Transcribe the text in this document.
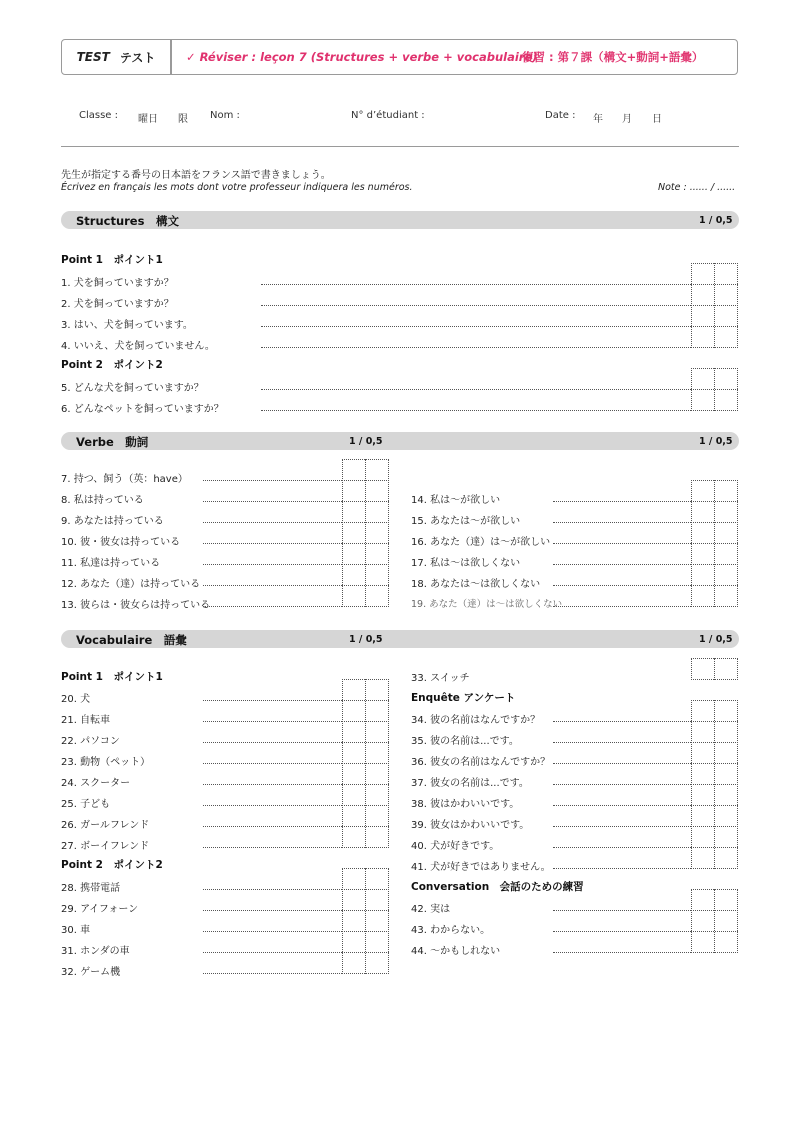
TEST テスト	✓ Réviser : leçon 7 (Structures + verbe + vocabulaire)
復習 : 第７課（構文+動詞+語彙）
Classe : 曜日 限 Nom :	N° d’étudiant :	Date : 年 月 日
先生が指定する番号の日本語をフランス語で書きましょう。
Écrivez en français les mots dont votre professeur indiquera les numéros.	Note : ...... / ......
Structures　構文	1 / 0,5
Point 1　ポイント1
1. 犬を飼っていますか？
2. 犬を飼っていますか？
3. はい、犬を飼っています。
4. いいえ、犬を飼っていません。
Point 2　ポイント2
5. どんな犬を飼っていますか？
6. どんなペットを飼っていますか？
Verbe　動詞	1 / 0,5	1 / 0,5
7. 持つ、飼う（英：have）
8. 私は持っている
9. あなたは持っている
10. 彼・彼女は持っている
11. 私達は持っている
12. あなた（達）は持っている
13. 彼らは・彼女らは持っている
14. 私は〜が欲しい
15. あなたは〜が欲しい
16. あなた（達）は〜が欲しい
17. 私は〜は欲しくない
18. あなたは〜は欲しくない
19. あなた（達）は〜は欲しくない
Vocabulaire　語彙	1 / 0,5	1 / 0,5
Point 1　ポイント1
20. 犬
21. 自転車
22. パソコン
23. 動物（ペット）
24. スクーター
25. 子ども
26. ガールフレンド
27. ボーイフレンド
Point 2　ポイント2
28. 携帯電話
29. アイフォーン
30. 車
31. ホンダの車
32. ゲーム機
33. スイッチ
Enquête アンケート
34. 彼の名前はなんですか？
35. 彼の名前は...です。
36. 彼女の名前はなんですか？
37. 彼女の名前は...です。
38. 彼はかわいいです。
39. 彼女はかわいいです。
40. 犬が好きです。
41. 犬が好きではありません。
Conversation　会話のための練習
42. 実は
43. わからない。
44. 〜かもしれない
